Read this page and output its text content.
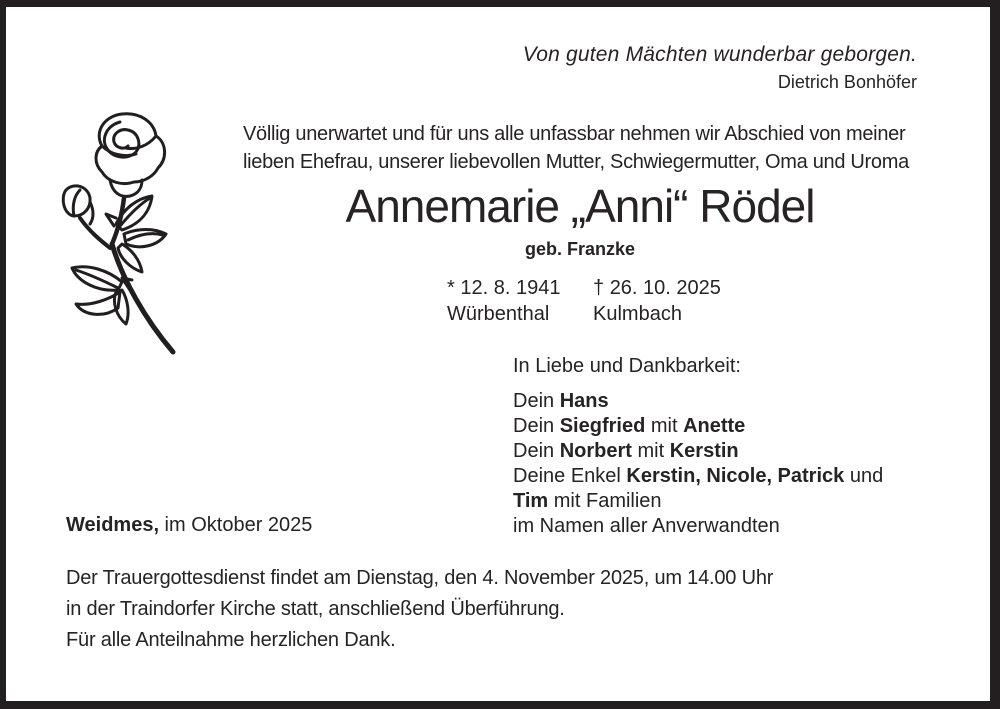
Von guten Mächten wunderbar geborgen.
Dietrich Bonhöfer
Völlig unerwartet und für uns alle unfassbar nehmen wir Abschied von meiner
lieben Ehefrau, unserer liebevollen Mutter, Schwiegermutter, Oma und Uroma
Annemarie „Anni“ Rödel
geb. Franzke
* 12. 8. 1941
Würbenthal
† 26. 10. 2025
Kulmbach
In Liebe und Dankbarkeit:
Dein Hans
Dein Siegfried mit Anette
Dein Norbert mit Kerstin
Deine Enkel Kerstin, Nicole, Patrick und
Tim mit Familien
im Namen aller Anverwandten
Weidmes, im Oktober 2025
Der Trauergottesdienst findet am Dienstag, den 4. November 2025, um 14.00 Uhr
in der Traindorfer Kirche statt, anschließend Überführung.
Für alle Anteilnahme herzlichen Dank.
